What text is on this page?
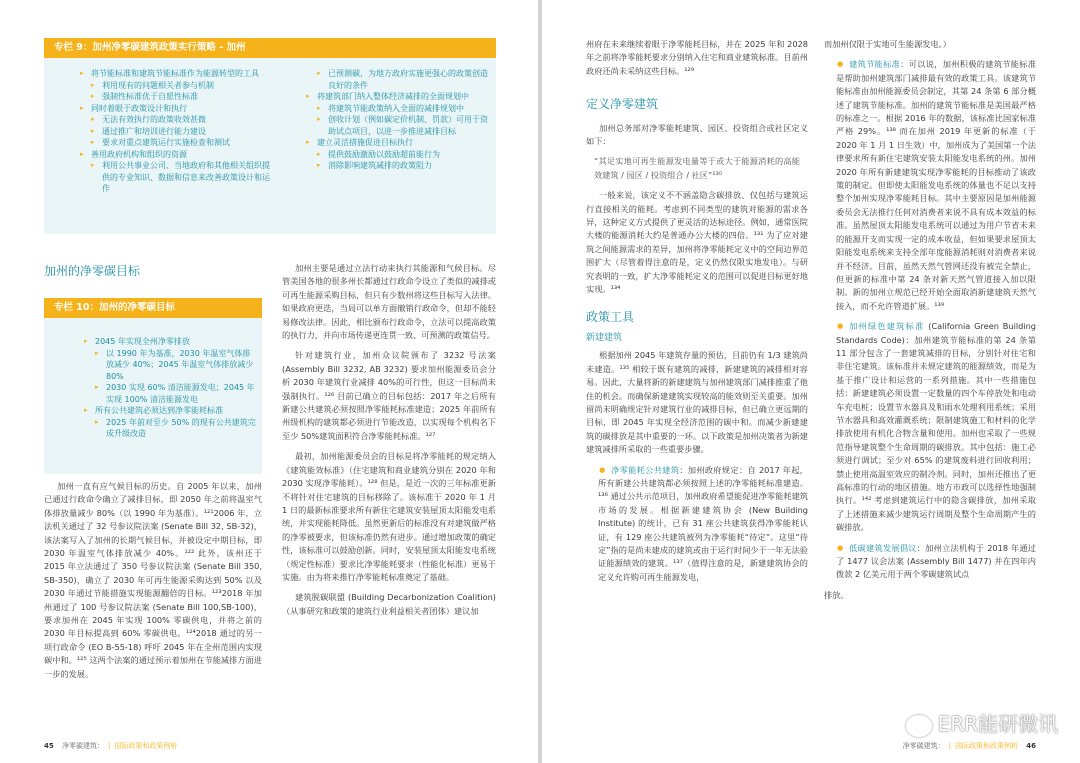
专栏 9：加州净零碳建筑政策实行策略 - 加州
▸ 将节能标准和建筑节能标准作为能源转型的工具
▸ 利用现有的问题相关者参与机制
▸ 强制性标准优于自愿性标准
▸ 同时着眼于政策设计和执行
▸ 无法有效执行的政策收效甚微
▸ 通过推广和培训进行能力建设
▸ 要求对重点建筑运行实施检查和测试
▸ 善用政府机构和组织的资源
▸ 利用公共事业公司、当地政府和其他相关组织提供的专业知识、数据和信息来改善政策设计和运作
▸ 已预测碳，为地方政府实施更强心的政策创造良好的条件
▸ 将建筑部门纳入整体经济减排的全面规划中
▸ 将建筑节能政策纳入全面的减排规划中
▸ 创收计划（例如碳定价机制、罚款）可用于资助试点项目，以进一步推进减排目标
▸ 建立灵活措施促进目标执行
▸ 提供鼓励激励以鼓励超前能行为
▸ 消除影响建筑减排的政策阻力
加州的净零碳目标
专栏 10：加州的净零碳目标
▸ 2045 年实现全州净零排放
▸ 以 1990 年为基准，2030 年温室气体排放减少 40%；2045 年温室气体排放减少 80%
▸ 2030 实现 60% 清洁能源发电；2045 年实现 100% 清洁能源发电
▸ 所有公共建筑必须达到净零能耗标准
▸ 2025 年前对至少 50% 的现有公共建筑完成升级改造

加州一直有应气候目标的历史。自 2005 年以来，加州已通过行政命令确立了减排目标，即 2050 年之前将温室气体排放量减少 80%（以 1990 年为基准）。¹²¹2006 年，立法机关通过了 32 号参议院法案 (Senate Bill 32, SB-32)，该法案写入了加州的长期气候目标，并被设定中期目标，即 2030 年温室气体排放减少 40%。¹²² 此外，该州还于 2015 年立法通过了 350 号参议院法案 (Senate Bill 350, SB-350)，确立了 2030 年可再生能源采购达到 50% 以及 2030 年通过节能措施实现能源翻倍的目标。¹²³2018 年加州通过了 100 号参议院法案 (Senate Bill 100,SB-100)，要求加州在 2045 年实现 100% 零碳供电，并将之前的 2030 年目标提高到 60% 零碳供电。¹²⁴2018 通过的另一项行政命令 (EO B-55-18) 呼吁 2045 年在全州范围内实现碳中和。¹²⁵ 这两个法案的通过预示着加州在节能减排方面进一步的发展。

加州主要是通过立法行动来执行其能源和气候目标。尽管美国各地的很多州长都通过行政命令设立了类似的减排或可再生能源采购目标，但只有少数州将这些目标写入法律。如果政府更迭，当局可以单方面撤销行政命令，但却不能轻易修改法律。因此，相比颁布行政命令，立法可以提高政策的执行力，并向市场传递更连贯一致、可预测的政策信号。

针对建筑行业，加州众议院颁布了 3232 号法案 (Assembly Bill 3232, AB 3232) 要求加州能源委员会分析 2030 年建筑行业减排 40%的可行性，但这一目标尚未强制执行。¹²⁶ 目前已确立的目标包括：2017 年之后所有新建公共建筑必须按照净零能耗标准建造；2025 年前所有州级机构的建筑都必须进行节能改造，以实现每个机构名下至少 50%建筑面积符合净零能耗标准。¹²⁷

最初，加州能源委员会的目标是将净零能耗的规定纳入《建筑能效标准》（住宅建筑和商业建筑分别在 2020 年和 2030 实现净零能耗）。¹²⁸ 但是，是近一次的三年标准更新不将针对住宅建筑的目标移除了。该标准于 2020 年 1 月 1 日的最新标准要求所有新住宅建筑安装屋顶太阳能发电系统，并实现能耗降低。虽然更新后的标准没有对建筑做严格的净零被要求，但该标准仍然有进步。通过增加政策的确定性，该标准可以鼓励创新。同时，安装屋顶太阳能发电系统（规定性标准）要求比净零能耗要求（性能化标准）更易于实施。由为将来推行净零能耗标准奠定了基础。

建筑脱碳联盟 (Building Decarbonization Coalition)（从事研究和政策的建筑行业利益相关者团体）建议加

45 净零碳建筑： | 国际政策和政策例析

州府在未来继续着眼于净零能耗目标，并在 2025 年和 2028 年之前将净零能耗要求分别纳入住宅和商业建筑标准。目前州政府还尚未采纳这些目标。¹²⁹

定义净零建筑

加州总务部对净零能耗建筑、园区、投资组合或社区定义如下：

“其足实地可再生能源发电量等于或大于能源消耗的高能效建筑 / 园区 / 投资组合 / 社区”¹³⁰

一般来说，该定义不不涵盖隐含碳排放、仅包括与建筑运行直接相关的能耗。考虑到不同类型的建筑对能源的需求各异，这种定义方式提供了更灵活的达标途径。例如，通常医院大楼的能源消耗大约是普通办公大楼的四倍。¹³¹ 为了应对建筑之间能源需求的差异，加州将净零能耗定义中的空间边界范围扩大（尽管着得注意的是，定义仍然仅限实地发电）。与研究表明的一致，扩大净零能耗定义的范围可以促进目标更好地实现。¹³⁴

政策工具
新建建筑

根据加州 2045 年建筑存量的预估，目前仍有 1/3 建筑尚未建造。¹³⁵ 相较于既有建筑的减排，新建建筑的减排相对容易。因此，大量将新的新建建筑与加州建筑部门减排推重了他住的机会。而确保新建建筑实现较高的能效则至关重要。加州留尚未明确规定针对建筑行业的减排目标，但已确立更远期的目标，即 2045 年实现全经济范围的碳中和。而减少新建建筑的碳排放是其中重要的一环。以下政策是加州决策者为新建建筑减排所采取的一些重要步骤。

● 净零能耗公共建筑：加州政府规定：自 2017 年起，所有新建公共建筑都必须按照上述的净零能耗标准建造。¹³⁶ 通过公共示范项目，加州政府希望能促进净零能耗建筑市场的发展。根据新建建筑协会 (New Building Institute) 的统计，已有 31 座公共建筑获得净零能耗认证，有 129 座公共建筑被列为净零能耗“待定”。这里“待定”指的是尚未建成的建筑或由于运行时间少于一年无法验证能源绩效的建筑。¹³⁷（值得注意的是，新建建筑协会的定义允许购可再生能源发电，

而加州仅限于实地可生能源发电。）

● 建筑节能标准：可以说，加州积极的建筑节能标准是帮助加州建筑部门减排最有效的政策工具。该建筑节能标准由加州能源委员会制定，其第 24 条第 6 部分概述了建筑节能标准。加州的建筑节能标准是美国最严格的标准之一。根据 2016 年的数据，该标准比国家标准严格 29%。¹³⁸ 而在加州 2019 年更新的标准（于 2020 年 1 月 1 日生效）中，加州成为了美国第一个法律要求所有新住宅建筑安装太阳能发电系统的州。加州 2020 年所有新建建筑实现净零能耗的目标推动了该政策的制定。但即使太阳能发电系统的体量也不足以支持整个加州实现净零能耗目标。其中主要原因是加州能源委员会无法推行任何对消费者来说不具有成本效益的标准。虽然屋顶太阳能发电系统可以通过为用户节省未来的能源开支而实现一定的成本收益，但如果要求屋顶太阳能发电系统来支持全部年度能源消耗则对消费者来说并不经济。目前，虽然天然气管网还没有被完全禁止，但更新的标准中第 24 条对新天然气管道接入加以限制。新的加州立规范已经开始全面取消新建建筑天然气接入，而不允许管道扩展。¹³⁹

● 加州绿色建筑标准 (California Green Building Standards Code)：加州建筑节能标准的第 24 条第 11 部分包含了一套建筑减排的目标，分别针对住宅和非住宅建筑。该标准并未规定建筑的能源绩效，而是为基于推广设计和运营的一系列措施。其中一些措施包括：新建建筑必须设置一定数量的四个车停放处和电动车充电桩；设置节水器具及和雨水处理利用系统；采用节水器具和高效灌溉系统；限制建筑施工和材料的化学排放使用有机化合物含量和使用。加州也采取了一些规范指导建筑整个生命周期的碳排放。其中包括：施工必须进行调试；至少对 65% 的建筑废料进行回收利用；禁止使用高温室效应的制冷剂。同时，加州还推出了更高标准的行动的地区措施。地方市政可以选择性地强制执行。¹⁴² 考虑到建筑运行中的隐含碳排放，加州采取了上述措施来减少建筑运行周期及整个生命周期产生的碳排放。

● 低碳建筑发展倡议：加州立法机构于 2018 年通过了 1477 议会法案 (Assembly Bill 1477) 并在四年内拨款 2 亿美元用于两个零碳建筑试点

排放。

净零碳建筑： | 国际政策和政策例析 46
ERR能研微讯
